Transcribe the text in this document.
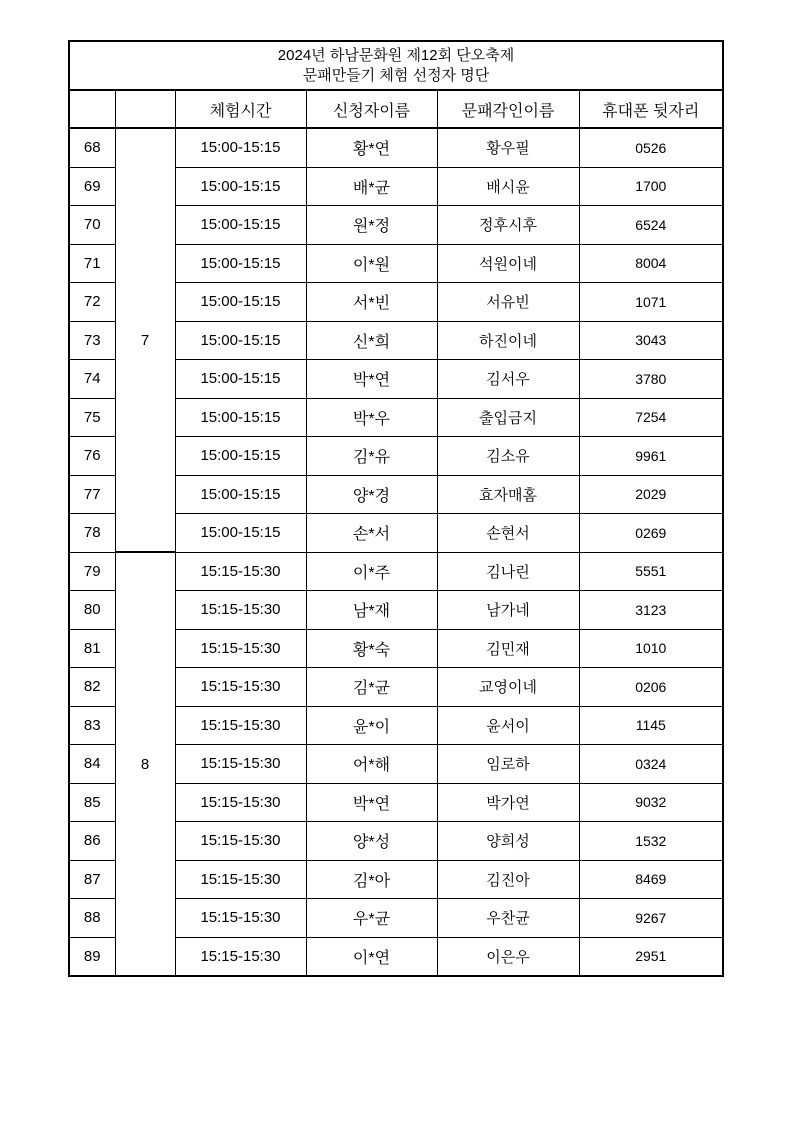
2024년 하남문화원 제12회 단오축제
문패만들기 체험 선정자 명단					

		체험시간	신청자이름	문패각인이름	휴대폰 뒷자리
68	7	15:00-15:15	황*연	황우필	0526
69		15:00-15:15	배*균	배시윤	1700
70		15:00-15:15	원*정	정후시후	6524
71		15:00-15:15	이*원	석원이네	8004
72		15:00-15:15	서*빈	서유빈	1071
73		15:00-15:15	신*희	하진이네	3043
74		15:00-15:15	박*연	김서우	3780
75		15:00-15:15	박*우	출입금지	7254
76		15:00-15:15	김*유	김소유	9961
77		15:00-15:15	양*경	효자매홈	2029
78		15:00-15:15	손*서	손현서	0269
79	8	15:15-15:30	이*주	김나린	5551
80		15:15-15:30	남*재	남가네	3123
81		15:15-15:30	황*숙	김민재	1010
82		15:15-15:30	김*균	교영이네	0206
83		15:15-15:30	윤*이	윤서이	1145
84		15:15-15:30	어*해	임로하	0324
85		15:15-15:30	박*연	박가연	9032
86		15:15-15:30	양*성	양희성	1532
87		15:15-15:30	김*아	김진아	8469
88		15:15-15:30	우*균	우찬균	9267
89		15:15-15:30	이*연	이은우	2951
